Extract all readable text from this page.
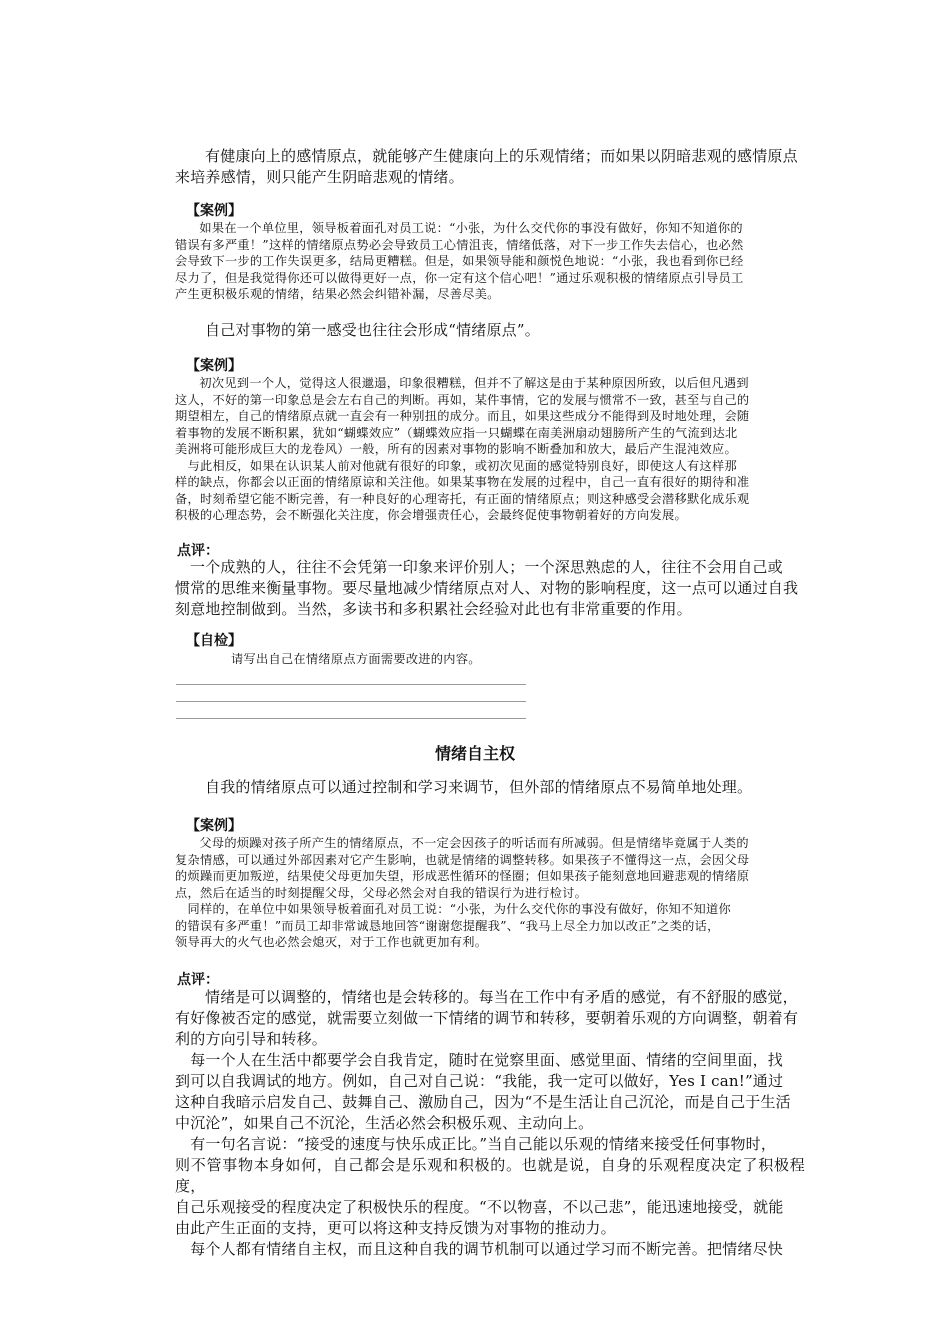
有健康向上的感情原点，就能够产生健康向上的乐观情绪；而如果以阴暗悲观的感情原点
来培养感情，则只能产生阴暗悲观的情绪。

【案例】

如果在一个单位里，领导板着面孔对员工说：“小张，为什么交代你的事没有做好，你知不知道你的
错误有多严重！”这样的情绪原点势必会导致员工心情沮丧，情绪低落，对下一步工作失去信心，也必然
会导致下一步的工作失误更多，结局更糟糕。但是，如果领导能和颜悦色地说：“小张，我也看到你已经
尽力了，但是我觉得你还可以做得更好一点，你一定有这个信心吧！”通过乐观积极的情绪原点引导员工
产生更积极乐观的情绪，结果必然会纠错补漏，尽善尽美。

自己对事物的第一感受也往往会形成“情绪原点”。

【案例】

初次见到一个人，觉得这人很邋遢，印象很糟糕，但并不了解这是由于某种原因所致，以后但凡遇到
这人，不好的第一印象总是会左右自己的判断。再如，某件事情，它的发展与惯常不一致，甚至与自己的
期望相左，自己的情绪原点就一直会有一种别扭的成分。而且，如果这些成分不能得到及时地处理，会随
着事物的发展不断积累，犹如“蝴蝶效应”（蝴蝶效应指一只蝴蝶在南美洲扇动翅膀所产生的气流到达北
美洲将可能形成巨大的龙卷风）一般，所有的因素对事物的影响不断叠加和放大，最后产生混沌效应。
　与此相反，如果在认识某人前对他就有很好的印象，或初次见面的感觉特别良好，即使这人有这样那
样的缺点，你都会以正面的情绪原谅和关注他。如果某事物在发展的过程中，自己一直有很好的期待和准
备，时刻希望它能不断完善，有一种良好的心理寄托，有正面的情绪原点；则这种感受会潜移默化成乐观
积极的心理态势，会不断强化关注度，你会增强责任心，会最终促使事物朝着好的方向发展。

点评：

一个成熟的人，往往不会凭第一印象来评价别人；一个深思熟虑的人，往往不会用自己或
惯常的思维来衡量事物。要尽量地减少情绪原点对人、对物的影响程度，这一点可以通过自我
刻意地控制做到。当然，多读书和多积累社会经验对此也有非常重要的作用。

【自检】

请写出自己在情绪原点方面需要改进的内容。

情绪自主权

自我的情绪原点可以通过控制和学习来调节，但外部的情绪原点不易简单地处理。

【案例】

父母的烦躁对孩子所产生的情绪原点，不一定会因孩子的听话而有所减弱。但是情绪毕竟属于人类的
复杂情感，可以通过外部因素对它产生影响，也就是情绪的调整转移。如果孩子不懂得这一点，会因父母
的烦躁而更加叛逆，结果使父母更加失望，形成恶性循环的怪圈；但如果孩子能刻意地回避悲观的情绪原
点，然后在适当的时刻提醒父母，父母必然会对自我的错误行为进行检讨。
　同样的，在单位中如果领导板着面孔对员工说：“小张，为什么交代你的事没有做好，你知不知道你
的错误有多严重！”而员工却非常诚恳地回答“谢谢您提醒我”、“我马上尽全力加以改正”之类的话，
领导再大的火气也必然会熄灭，对于工作也就更加有利。

点评：

情绪是可以调整的，情绪也是会转移的。每当在工作中有矛盾的感觉，有不舒服的感觉，
有好像被否定的感觉，就需要立刻做一下情绪的调节和转移，要朝着乐观的方向调整，朝着有
利的方向引导和转移。
　每一个人在生活中都要学会自我肯定，随时在觉察里面、感觉里面、情绪的空间里面，找
到可以自我调试的地方。例如，自己对自己说：“我能，我一定可以做好，Yes I can!”通过
这种自我暗示启发自己、鼓舞自己、激励自己，因为“不是生活让自己沉沦，而是自己于生活
中沉沦”，如果自己不沉沦，生活必然会积极乐观、主动向上。
　有一句名言说：“接受的速度与快乐成正比。”当自己能以乐观的情绪来接受任何事物时，
则不管事物本身如何，自己都会是乐观和积极的。也就是说，自身的乐观程度决定了积极程度，
自己乐观接受的程度决定了积极快乐的程度。“不以物喜，不以己悲”，能迅速地接受，就能
由此产生正面的支持，更可以将这种支持反馈为对事物的推动力。
　每个人都有情绪自主权，而且这种自我的调节机制可以通过学习而不断完善。把情绪尽快
